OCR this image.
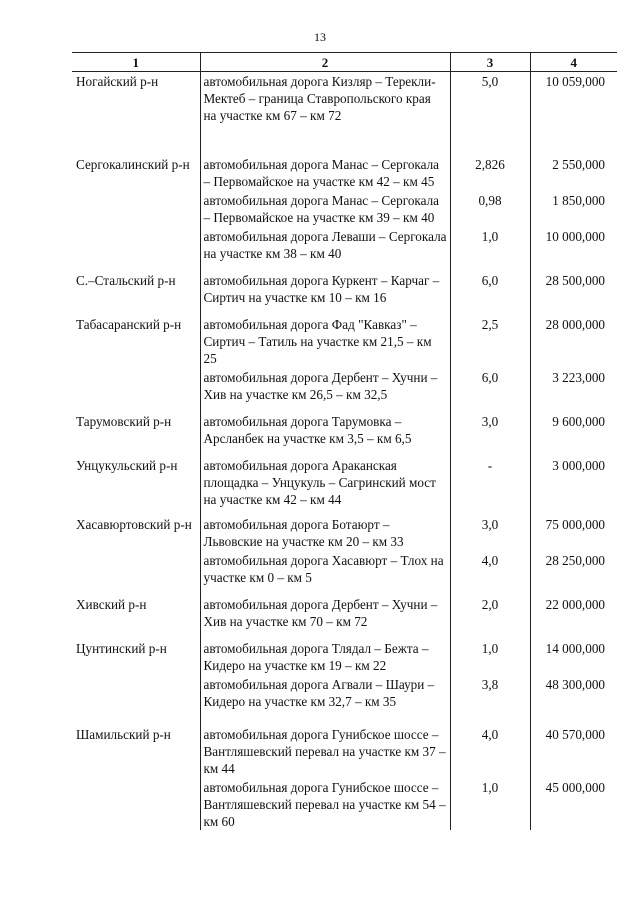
13
1	2	3	4
Ногайский р-н	автомобильная дорога Кизляр – Терекли-Мектеб – граница Ставропольского края на участке км 67 – км 72	5,0	10 059,000
Сергокалинский р-н	автомобильная дорога Манас – Сергокала – Первомайское на участке км 42 – км 45	2,826	2 550,000
	автомобильная дорога Манас – Сергокала – Первомайское на участке км 39 – км 40	0,98	1 850,000
	автомобильная дорога Леваши – Сергокала на участке км 38 – км 40	1,0	10 000,000
С.–Стальский р-н	автомобильная дорога Куркент – Карчаг – Сиртич на участке км 10 – км 16	6,0	28 500,000
Табасаранский р-н	автомобильная дорога Фад "Кавказ" – Сиртич – Татиль на участке км 21,5 – км 25	2,5	28 000,000
	автомобильная дорога Дербент – Хучни – Хив на участке км 26,5 – км 32,5	6,0	3 223,000
Тарумовский р-н	автомобильная дорога Тарумовка – Арсланбек на участке км 3,5 – км 6,5	3,0	9 600,000
Унцукульский р-н	автомобильная дорога Араканская площадка – Унцукуль – Сагринский мост на участке км 42 – км 44	-	3 000,000
Хасавюртовский р-н	автомобильная дорога Ботаюрт – Львовские на участке км 20 – км 33	3,0	75 000,000
	автомобильная дорога Хасавюрт – Тлох на участке км 0 – км 5	4,0	28 250,000
Хивский р-н	автомобильная дорога Дербент – Хучни – Хив на участке км 70 – км 72	2,0	22 000,000
Цунтинский р-н	автомобильная дорога Тлядал – Бежта – Кидеро на участке км 19 – км 22	1,0	14 000,000
	автомобильная дорога Агвали – Шаури – Кидеро на участке км 32,7 – км 35	3,8	48 300,000
Шамильский р-н	автомобильная дорога Гунибское шоссе – Вантляшевский перевал на участке км 37 – км 44	4,0	40 570,000
	автомобильная дорога Гунибское шоссе – Вантляшевский перевал на участке км 54 – км 60	1,0	45 000,000
